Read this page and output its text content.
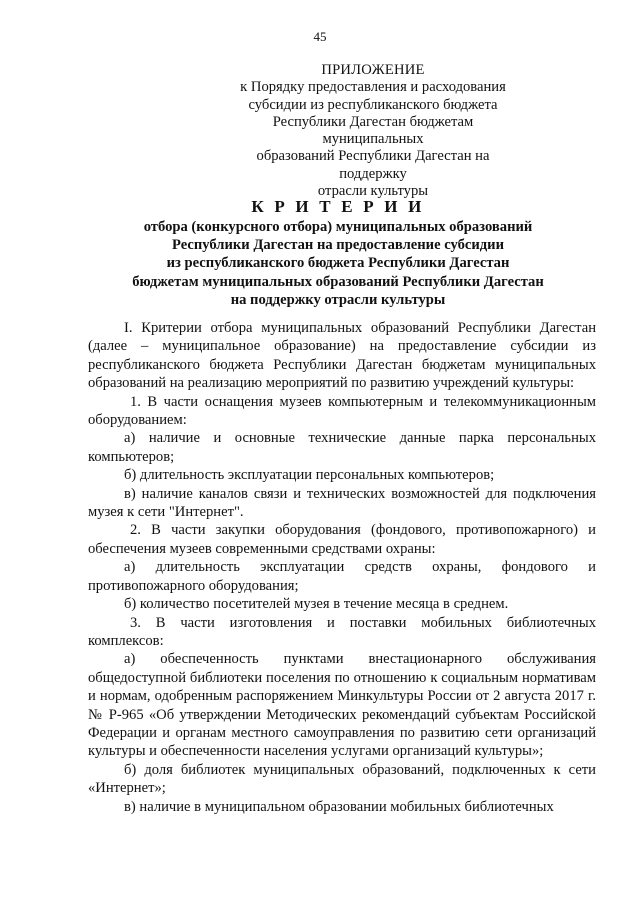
45
ПРИЛОЖЕНИЕ
к Порядку предоставления и расходования
субсидии из республиканского бюджета
Республики Дагестан бюджетам муниципальных
образований Республики Дагестан на поддержку
отрасли культуры
К Р И Т Е Р И И
отбора (конкурсного отбора) муниципальных образований
Республики Дагестан на предоставление субсидии
из республиканского бюджета Республики Дагестан
бюджетам муниципальных образований Республики Дагестан
на поддержку отрасли культуры

I. Критерии отбора муниципальных образований Республики Дагестан (далее – муниципальное образование) на предоставление субсидии из республиканского бюджета Республики Дагестан бюджетам муниципальных образований на реализацию мероприятий по развитию учреждений культуры:

1. В части оснащения музеев компьютерным и телекоммуникационным оборудованием:

а) наличие и основные технические данные парка персональных компьютеров;

б) длительность эксплуатации персональных компьютеров;

в) наличие каналов связи и технических возможностей для подключения музея к сети "Интернет".

2. В части закупки оборудования (фондового, противопожарного) и обеспечения музеев современными средствами охраны:

а) длительность эксплуатации средств охраны, фондового и противопожарного оборудования;

б) количество посетителей музея в течение месяца в среднем.

3. В части изготовления и поставки мобильных библиотечных комплексов:

а) обеспеченность пунктами внестационарного обслуживания общедоступной библиотеки поселения по отношению к социальным нормативам и нормам, одобренным распоряжением Минкультуры России от 2 августа 2017 г. № Р-965 «Об утверждении Методических рекомендаций субъектам Российской Федерации и органам местного самоуправления по развитию сети организаций культуры и обеспеченности населения услугами организаций культуры»;

б) доля библиотек муниципальных образований, подключенных к сети «Интернет»;

в) наличие в муниципальном образовании мобильных библиотечных
